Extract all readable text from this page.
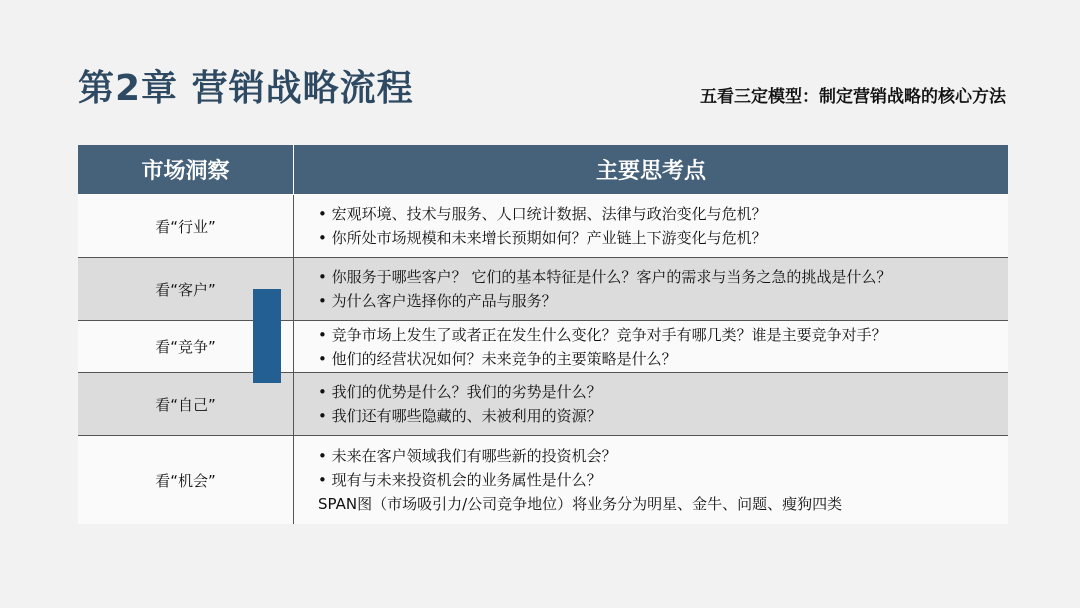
第2章 营销战略流程	五看三定模型：制定营销战略的核心方法
市场洞察	主要思考点
看“行业”
• 宏观环境、技术与服务、人口统计数据、法律与政治变化与危机？
• 你所处市场规模和未来增长预期如何？产业链上下游变化与危机？
看“客户”
• 你服务于哪些客户？ 它们的基本特征是什么？客户的需求与当务之急的挑战是什么？
• 为什么客户选择你的产品与服务？
看“竞争”
• 竞争市场上发生了或者正在发生什么变化？竞争对手有哪几类？谁是主要竞争对手？
• 他们的经营状况如何？未来竞争的主要策略是什么？
看“自己”
• 我们的优势是什么？我们的劣势是什么？
• 我们还有哪些隐藏的、未被利用的资源？
看“机会”
• 未来在客户领域我们有哪些新的投资机会？
• 现有与未来投资机会的业务属性是什么？
SPAN图（市场吸引力/公司竞争地位）将业务分为明星、金牛、问题、瘦狗四类
